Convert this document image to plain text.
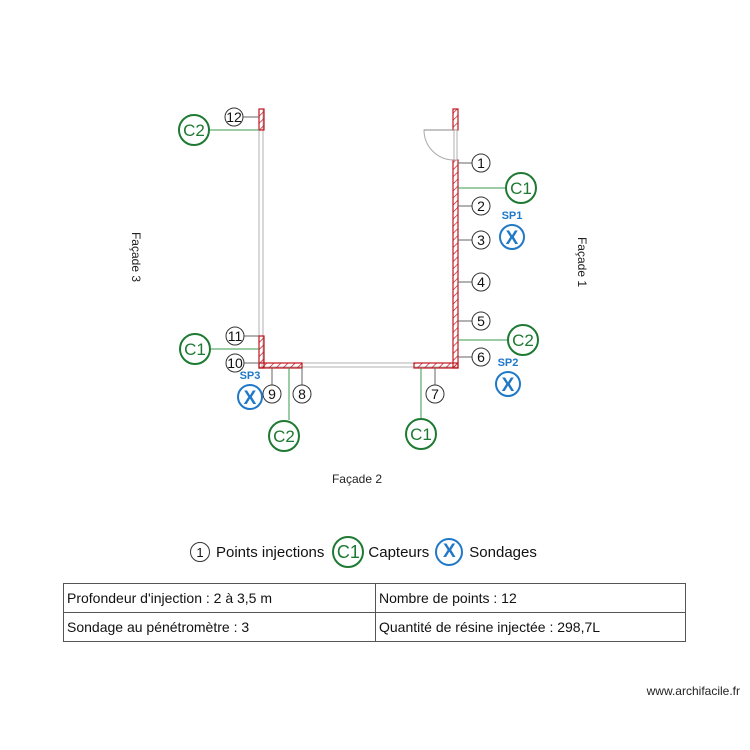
1
2
3
4
5
6
7
8
9
10
11
12
C1
C2
C1
C2
C1
C2
SP1
X
SP2
X
SP3
X
Façade 1
Façade 2
Façade 3
1 Points injections C1 Capteurs X Sondages
Profondeur d'injection : 2 à 3,5 m	Nombre de points : 12
Sondage au pénétromètre : 3	Quantité de résine injectée : 298,7L
www.archifacile.fr
